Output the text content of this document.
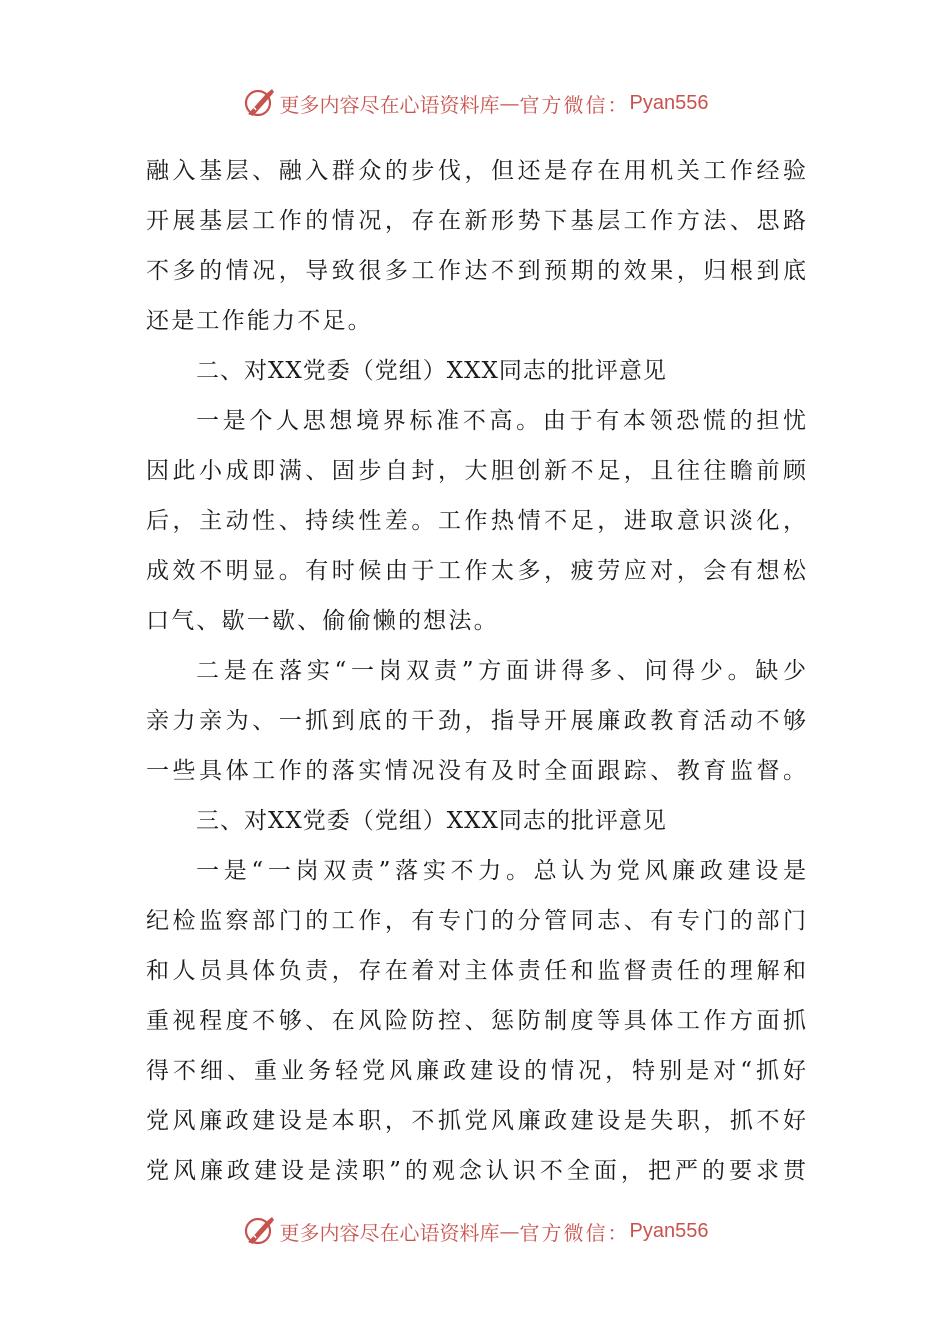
更多内容尽在心语资料库 — 官方微信： Pyan556
融入基层、融入群众的步伐，但还是存在用机关工作经验
开展基层工作的情况，存在新形势下基层工作方法、思路
不多的情况，导致很多工作达不到预期的效果，归根到底
还是工作能力不足。
二、对XX党委（党组）XXX同志的批评意见
一是个人思想境界标准不高。由于有本领恐慌的担忧
因此小成即满、固步自封，大胆创新不足，且往往瞻前顾
后，主动性、持续性差。工作热情不足，进取意识淡化，
成效不明显。有时候由于工作太多，疲劳应对，会有想松
口气、歇一歇、偷偷懒的想法。
二是在落实“一岗双责”方面讲得多、问得少。缺少
亲力亲为、一抓到底的干劲，指导开展廉政教育活动不够
一些具体工作的落实情况没有及时全面跟踪、教育监督。
三、对XX党委（党组）XXX同志的批评意见
一是“一岗双责”落实不力。总认为党风廉政建设是
纪检监察部门的工作，有专门的分管同志、有专门的部门
和人员具体负责，存在着对主体责任和监督责任的理解和
重视程度不够、在风险防控、惩防制度等具体工作方面抓
得不细、重业务轻党风廉政建设的情况，特别是对“抓好
党风廉政建设是本职，不抓党风廉政建设是失职，抓不好
党风廉政建设是渎职”的观念认识不全面，把严的要求贯
更多内容尽在心语资料库 — 官方微信： Pyan556
